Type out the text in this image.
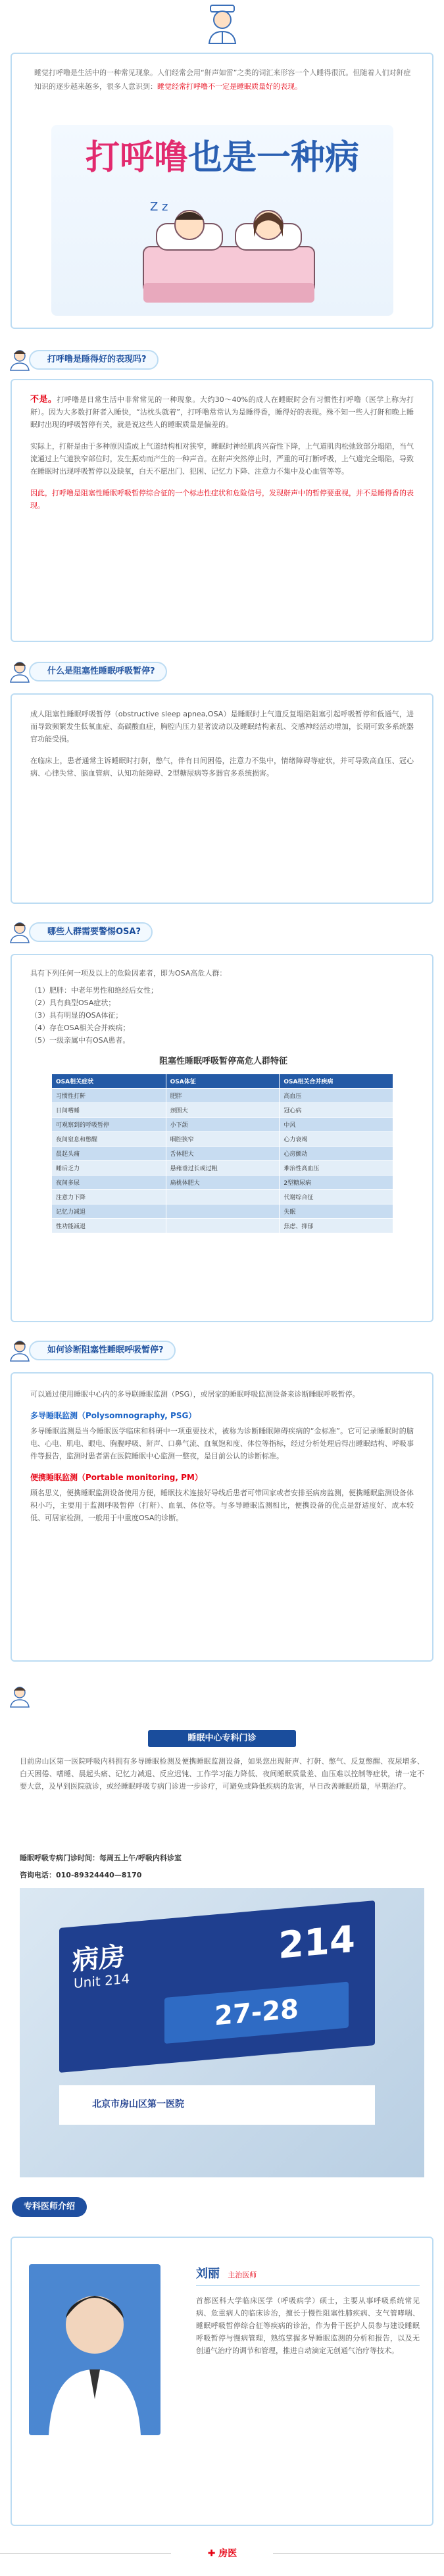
睡觉打呼噜是生活中的一种常见现象。人们经常会用“鼾声如雷”之类的词汇来形容一个人睡得很沉。但随着人们对鼾症知识的逐步越来越多，很多人意识到：睡觉经常打呼噜不一定是睡眠质量好的表现。

打呼噜也是一种病
Z z
打呼噜是睡得好的表现吗?

不是。打呼噜是日常生活中非常常见的一种现象。大约30～40%的成人在睡眠时会有习惯性打呼噜（医学上称为打鼾）。因为大多数打鼾者入睡快，“沾枕头就着”，打呼噜常常认为是睡得香，睡得好的表现。殊不知一些人打鼾和晚上睡眠时出现的呼吸暂停有关，就是说这些人的睡眠质量是偏差的。

实际上，打鼾是由于多种原因造成上气道结构相对狭窄，睡眠时神经肌肉兴奋性下降，上气道肌肉松弛致部分塌陷，当气流通过上气道狭窄部位时，发生振动而产生的一种声音。在鼾声突然停止时，严重的可打断呼吸，上气道完全塌陷，导致在睡眠时出现呼吸暂停以及缺氧，白天不愿出门、犯困、记忆力下降、注意力不集中及心血管等等。

因此，打呼噜是阻塞性睡眠呼吸暂停综合征的一个标志性症状和危险信号，发现鼾声中的暂停要重视，并不是睡得香的表现。

什么是阻塞性睡眠呼吸暂停?

成人阻塞性睡眠呼吸暂停（obstructive sleep apnea,OSA）是睡眠时上气道反复塌陷阻塞引起呼吸暂停和低通气，进而导致频繁发生低氧血症、高碳酸血症，胸腔内压力显著波动以及睡眠结构紊乱、交感神经活动增加，长期可致多系统器官功能受损。

在临床上，患者通常主诉睡眠时打鼾，憋气，伴有日间困倦，注意力不集中，情绪障碍等症状，并可导致高血压、冠心病、心律失常、脑血管病、认知功能障碍、2型糖尿病等多器官多系统损害。

哪些人群需要警惕OSA?

具有下列任何一项及以上的危险因素者，即为OSA高危人群：

（1）肥胖：中老年男性和绝经后女性；

（2）具有典型OSA症状；

（3）具有明显的OSA体征；

（4）存在OSA相关合并疾病；

（5）一级亲属中有OSA患者。

阻塞性睡眠呼吸暂停高危人群特征

OSA相关症状	OSA体征	OSA相关合并疾病
习惯性打鼾	肥胖	高血压
日间嗜睡	颈围大	冠心病
可观察到的呼吸暂停	小下颌	中风
夜间窒息和憋醒	咽腔狭窄	心力衰竭
晨起头痛	舌体肥大	心房颤动
睡后乏力	悬雍垂过长或过粗	难治性高血压
夜间多尿	扁桃体肥大	2型糖尿病
注意力下降		代谢综合征
记忆力减退		失眠
性功能减退		焦虑、抑郁
如何诊断阻塞性睡眠呼吸暂停?

可以通过使用睡眠中心内的多导联睡眠监测（PSG），或居家的睡眠呼吸监测设备来诊断睡眠呼吸暂停。

多导睡眠监测（Polysomnography, PSG）

多导睡眠监测是当今睡眠医学临床和科研中一项重要技术，被称为诊断睡眠障碍疾病的“金标准”。它可记录睡眠时的脑电、心电、肌电、眼电、胸腹呼吸、鼾声、口鼻气流、血氧饱和度、体位等指标，经过分析处理后得出睡眠结构、呼吸事件等报告，监测时患者需在医院睡眠中心监测一整夜，是目前公认的诊断标准。

便携睡眠监测（Portable monitoring, PM）

顾名思义，便携睡眠监测设备使用方便，睡眠技术连接好导线后患者可带回家或者安排至病房监测，便携睡眠监测设备体积小巧，主要用于监测呼吸暂停（打鼾）、血氧、体位等。与多导睡眠监测相比，便携设备的优点是舒适度好、成本较低、可居家检测，一般用于中重度OSA的诊断。

睡眠中心专科门诊

目前房山区第一医院呼吸内科拥有多导睡眠检测及便携睡眠监测设备，如果您出现鼾声、打鼾、憋气、反复憋醒、夜尿增多、白天困倦、嗜睡、晨起头痛、记忆力减退、反应迟钝、工作学习能力降低、夜间睡眠质量差、血压难以控制等症状，请一定不要大意，及早到医院就诊，或经睡眠呼吸专病门诊进一步诊疗，可避免或降低疾病的危害，早日改善睡眠质量，早期治疗。

睡眠呼吸专病门诊时间：每周五上午/呼吸内科诊室

咨询电话：010-89324440—8170

病房
Unit 214
214
27-28
北京市房山区第一医院
专科医师介绍

刘丽 主治医师

首都医科大学临床医学（呼吸病学）硕士，主要从事呼吸系统常见病、危重病人的临床诊治，擅长于慢性阻塞性肺疾病、支气管哮喘、睡眠呼吸暂停综合征等疾病的诊治，作为骨干医护人员参与建设睡眠呼吸暂停与慢病管理，熟练掌握多导睡眠监测的分析和报告，以及无创通气治疗的调节和管理，推进自动滴定无创通气治疗等技术。

✚ 房医
